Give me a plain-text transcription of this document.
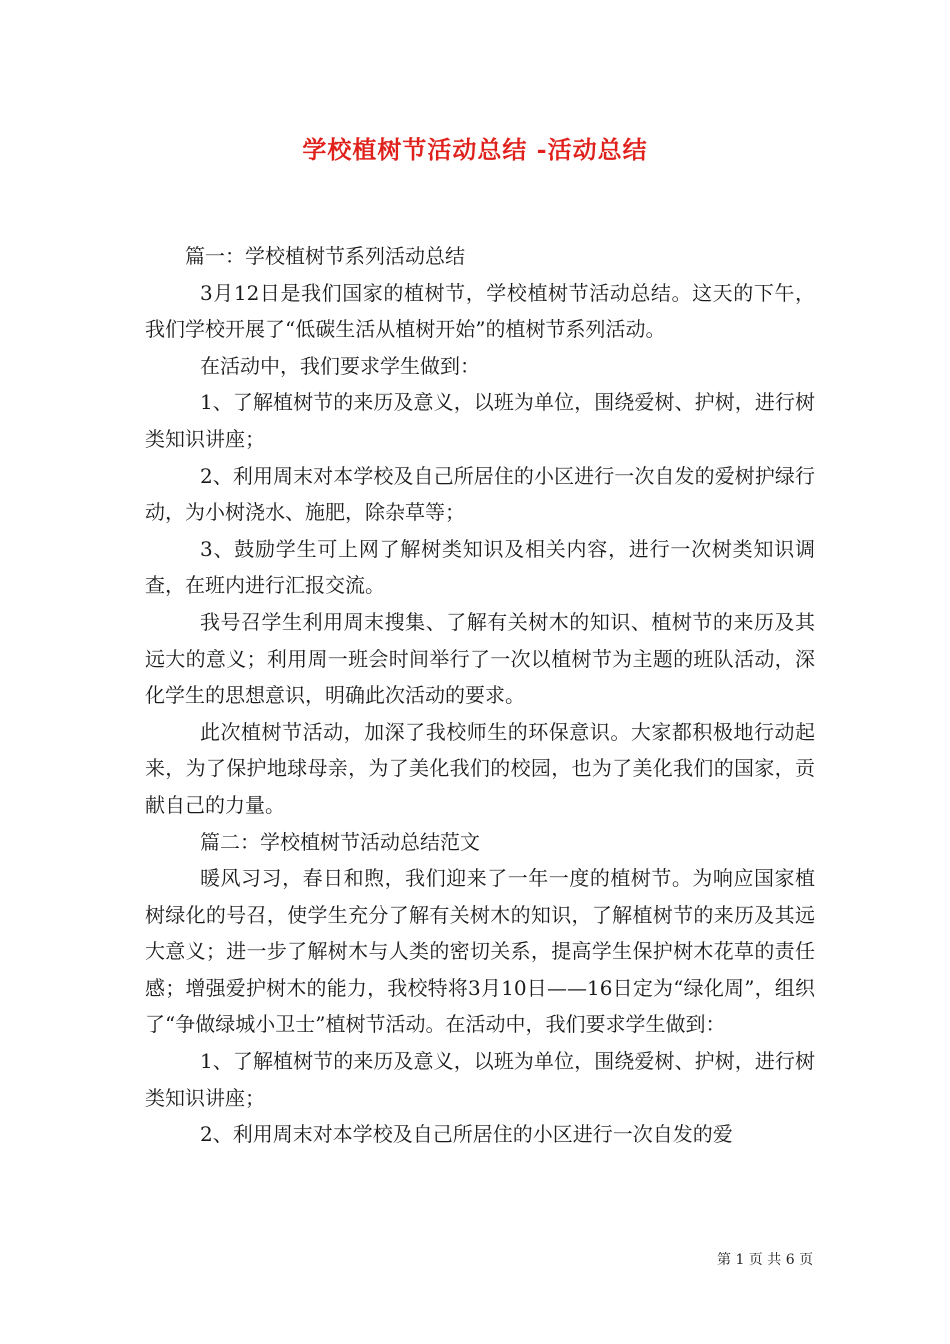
学校植树节活动总结 -活动总结

篇一：学校植树节系列活动总结

3月12日是我们国家的植树节，学校植树节活动总结。这天的下午，我们学校开展了“低碳生活从植树开始”的植树节系列活动。

在活动中，我们要求学生做到：

1、了解植树节的来历及意义，以班为单位，围绕爱树、护树，进行树类知识讲座；

2、利用周末对本学校及自己所居住的小区进行一次自发的爱树护绿行动，为小树浇水、施肥，除杂草等；

3、鼓励学生可上网了解树类知识及相关内容，进行一次树类知识调查，在班内进行汇报交流。

我号召学生利用周末搜集、了解有关树木的知识、植树节的来历及其远大的意义；利用周一班会时间举行了一次以植树节为主题的班队活动，深化学生的思想意识，明确此次活动的要求。

此次植树节活动，加深了我校师生的环保意识。大家都积极地行动起来，为了保护地球母亲，为了美化我们的校园，也为了美化我们的国家，贡献自己的力量。

篇二：学校植树节活动总结范文

暖风习习，春日和煦，我们迎来了一年一度的植树节。为响应国家植树绿化的号召，使学生充分了解有关树木的知识，了解植树节的来历及其远大意义；进一步了解树木与人类的密切关系，提高学生保护树木花草的责任感；增强爱护树木的能力，我校特将3月10日——16日定为“绿化周”，组织了“争做绿城小卫士”植树节活动。在活动中，我们要求学生做到：

1、了解植树节的来历及意义，以班为单位，围绕爱树、护树，进行树类知识讲座；

2、利用周末对本学校及自己所居住的小区进行一次自发的爱

第 1 页 共 6 页
